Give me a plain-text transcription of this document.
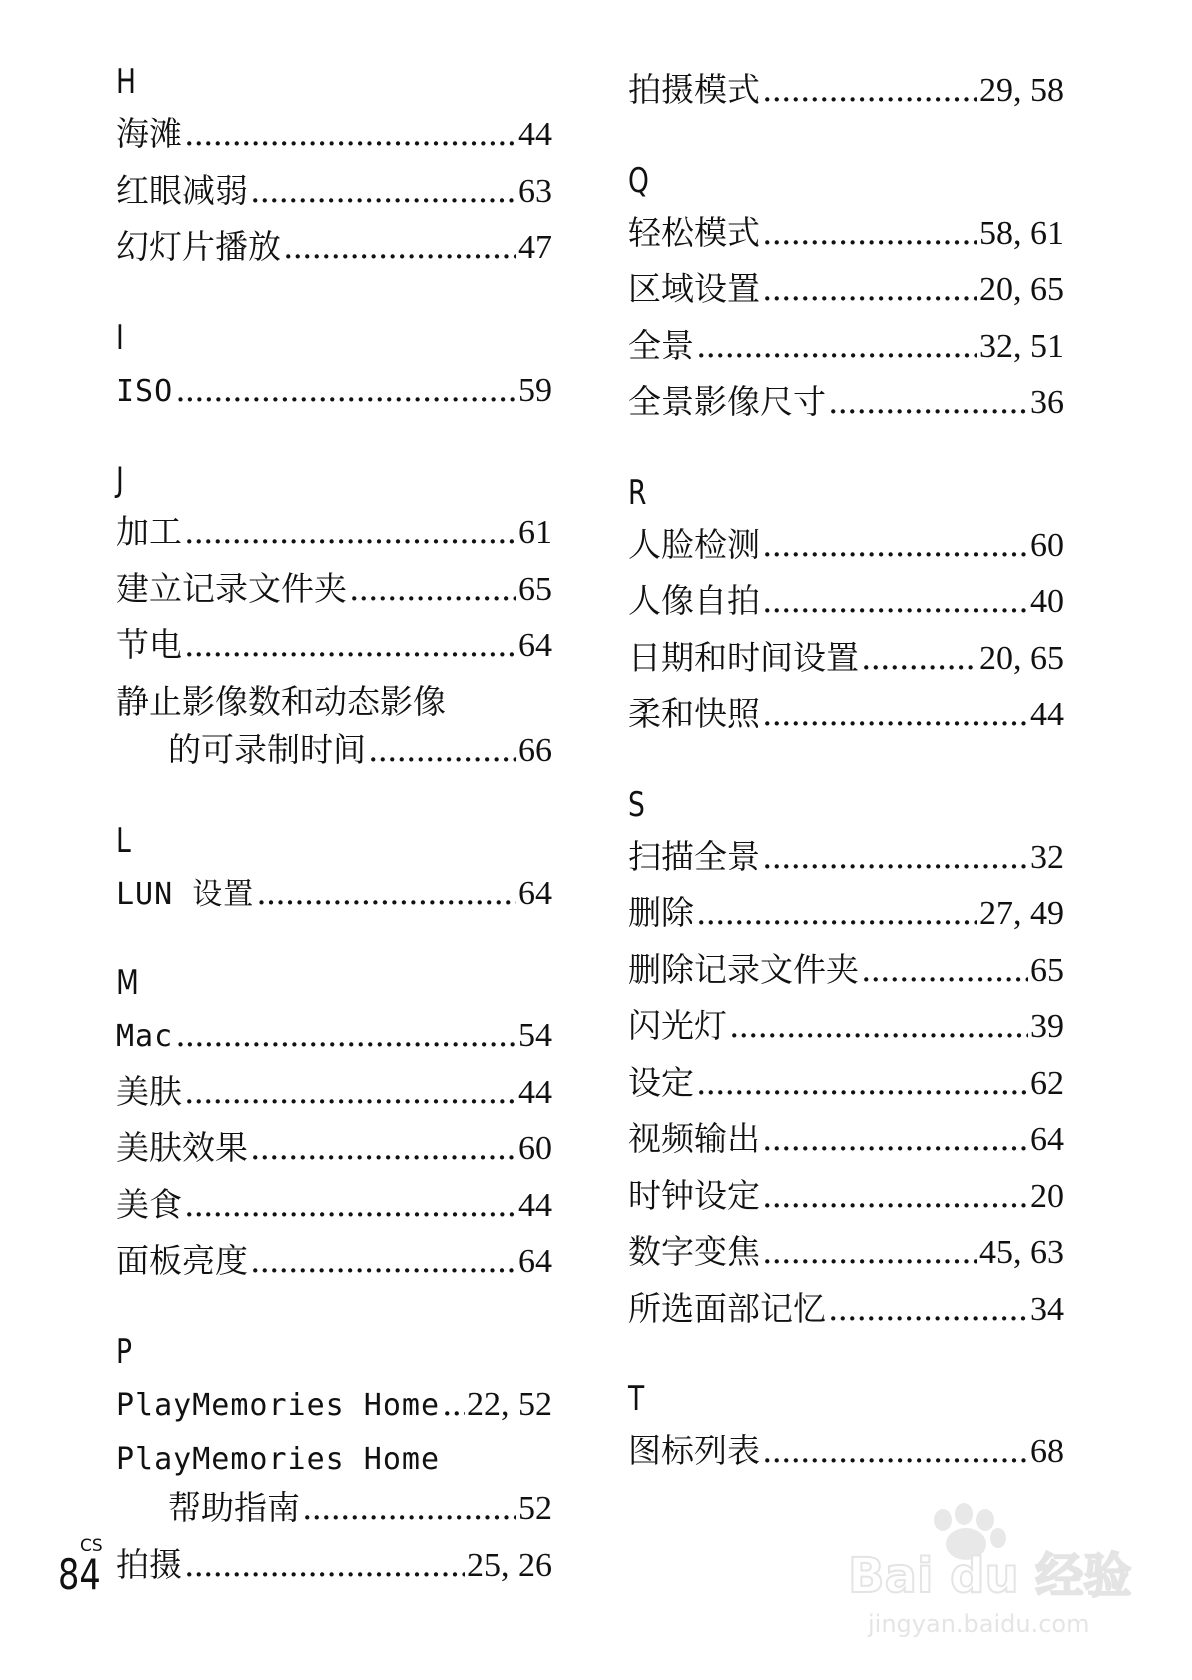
H
海滩 .....	44
红眼减弱 .....	63
幻灯片播放 .....	47
I
ISO .....	59
J
加工 .....	61
建立记录文件夹 .....	65
节电 .....	64
静止影像数和动态影像
的可录制时间 .....	66
L
LUN 设置 .....	64
M
Mac .....	54
美肤 .....	44
美肤效果 .....	60
美食 .....	44
面板亮度 .....	64
P
PlayMemories Home ..... 22, 52
PlayMemories Home
帮助指南 .....	52
拍摄 .....	25, 26
拍摄模式 .....	29, 58
Q
轻松模式 .....	58, 61
区域设置 .....	20, 65
全景 .....	32, 51
全景影像尺寸 .....	36
R
人脸检测 .....	60
人像自拍 .....	40
日期和时间设置 .....	20, 65
柔和快照 .....	44
S
扫描全景 .....	32
删除 .....	27, 49
删除记录文件夹 .....	65
闪光灯 .....	39
设定 .....	62
视频输出 .....	64
时钟设定 .....	20
数字变焦 .....	45, 63
所选面部记忆 .....	34
T
图标列表 .....	68
CS
84	Bai du 经验
jingyan.baidu.com
